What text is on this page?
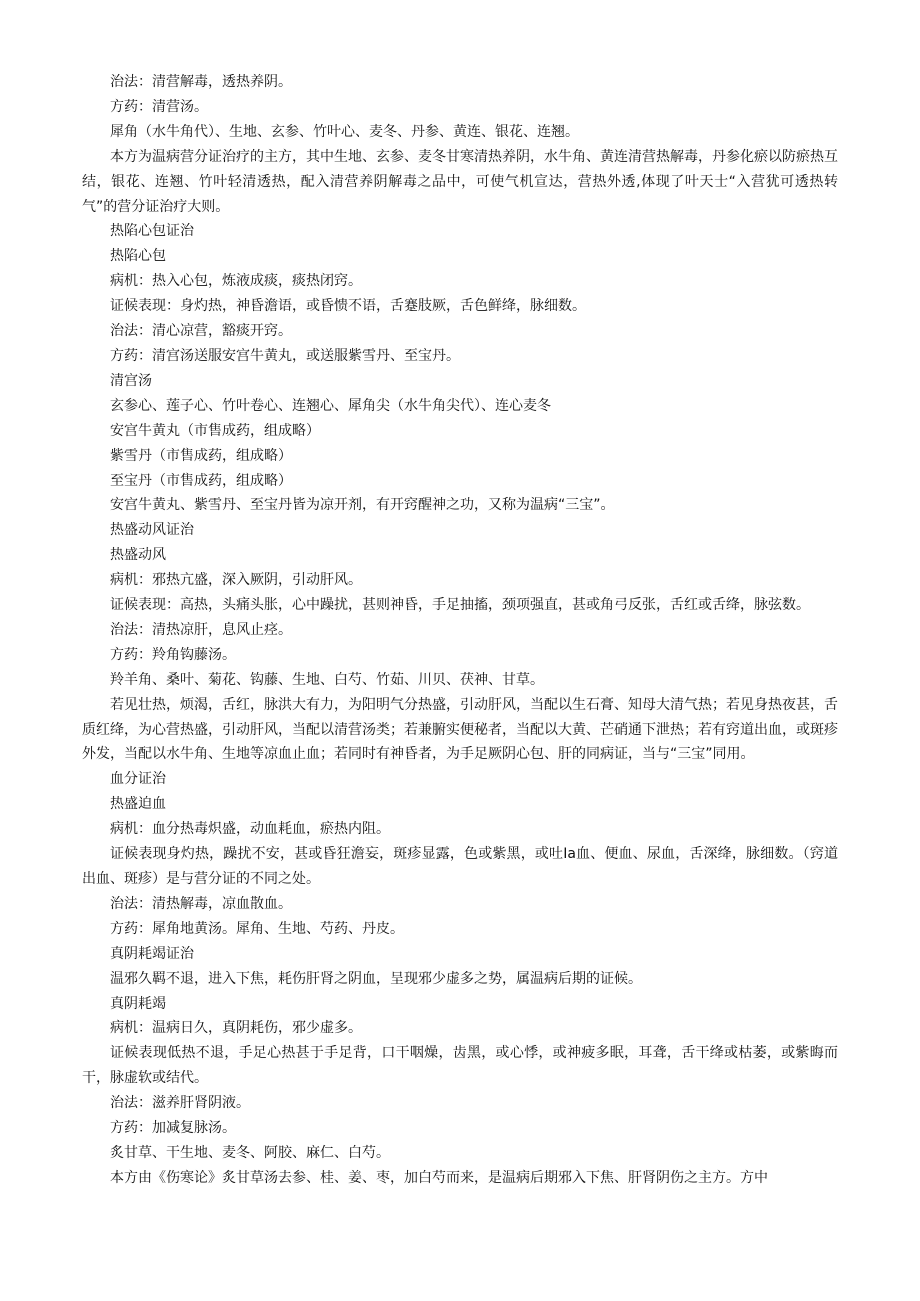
治法：清营解毒，透热养阴。

方药：清营汤。

犀角（水牛角代）、生地、玄参、竹叶心、麦冬、丹参、黄连、银花、连翘。

本方为温病营分证治疗的主方，其中生地、玄参、麦冬甘寒清热养阴，水牛角、黄连清营热解毒，丹参化瘀以防瘀热互结，银花、连翘、竹叶轻清透热，配入清营养阴解毒之品中，可使气机宣达，营热外透,体现了叶天士“入营犹可透热转气”的营分证治疗大则。

热陷心包证治

热陷心包

病机：热入心包，炼液成痰，痰热闭窍。

证候表现：身灼热，神昏澹语，或昏愦不语，舌蹇肢厥，舌色鲜绛，脉细数。

治法：清心凉营，豁痰开窍。

方药：清宫汤送服安宫牛黄丸，或送服紫雪丹、至宝丹。

清宫汤

玄参心、莲子心、竹叶卷心、连翘心、犀角尖（水牛角尖代）、连心麦冬

安宫牛黄丸（市售成药，组成略）

紫雪丹（市售成药，组成略）

至宝丹（市售成药，组成略）

安宫牛黄丸、紫雪丹、至宝丹皆为凉开剂，有开窍醒神之功，又称为温病“三宝”。

热盛动风证治

热盛动风

病机：邪热亢盛，深入厥阴，引动肝风。

证候表现：高热，头痛头胀，心中躁扰，甚则神昏，手足抽搐，颈项强直，甚或角弓反张，舌红或舌绛，脉弦数。

治法：清热凉肝，息风止痉。

方药：羚角钩藤汤。

羚羊角、桑叶、菊花、钩藤、生地、白芍、竹茹、川贝、茯神、甘草。

若见壮热，烦渴，舌红，脉洪大有力，为阳明气分热盛，引动肝风，当配以生石膏、知母大清气热；若见身热夜甚，舌质红绛，为心营热盛，引动肝风，当配以清营汤类；若兼腑实便秘者，当配以大黄、芒硝通下泄热；若有窍道出血，或斑疹外发，当配以水牛角、生地等凉血止血；若同时有神昏者，为手足厥阴心包、肝的同病证，当与“三宝”同用。

血分证治

热盛迫血

病机：血分热毒炽盛，动血耗血，瘀热内阻。

证候表现身灼热，躁扰不安，甚或昏狂澹妄，斑疹显露，色或紫黑，或吐Ia血、便血、尿血，舌深绛，脉细数。（窍道出血、斑疹）是与营分证的不同之处。

治法：清热解毒，凉血散血。

方药：犀角地黄汤。犀角、生地、芍药、丹皮。

真阴耗竭证治

温邪久羁不退，进入下焦，耗伤肝肾之阴血，呈现邪少虚多之势，属温病后期的证候。

真阴耗竭

病机：温病日久，真阴耗伤，邪少虚多。

证候表现低热不退，手足心热甚于手足背，口干咽燥，齿黑，或心悸，或神疲多眠，耳聋，舌干绛或枯萎，或紫晦而干，脉虚软或结代。

治法：滋养肝肾阴液。

方药：加减复脉汤。

炙甘草、干生地、麦冬、阿胶、麻仁、白芍。

本方由《伤寒论》炙甘草汤去参、桂、姜、枣，加白芍而来，是温病后期邪入下焦、肝肾阴伤之主方。方中
